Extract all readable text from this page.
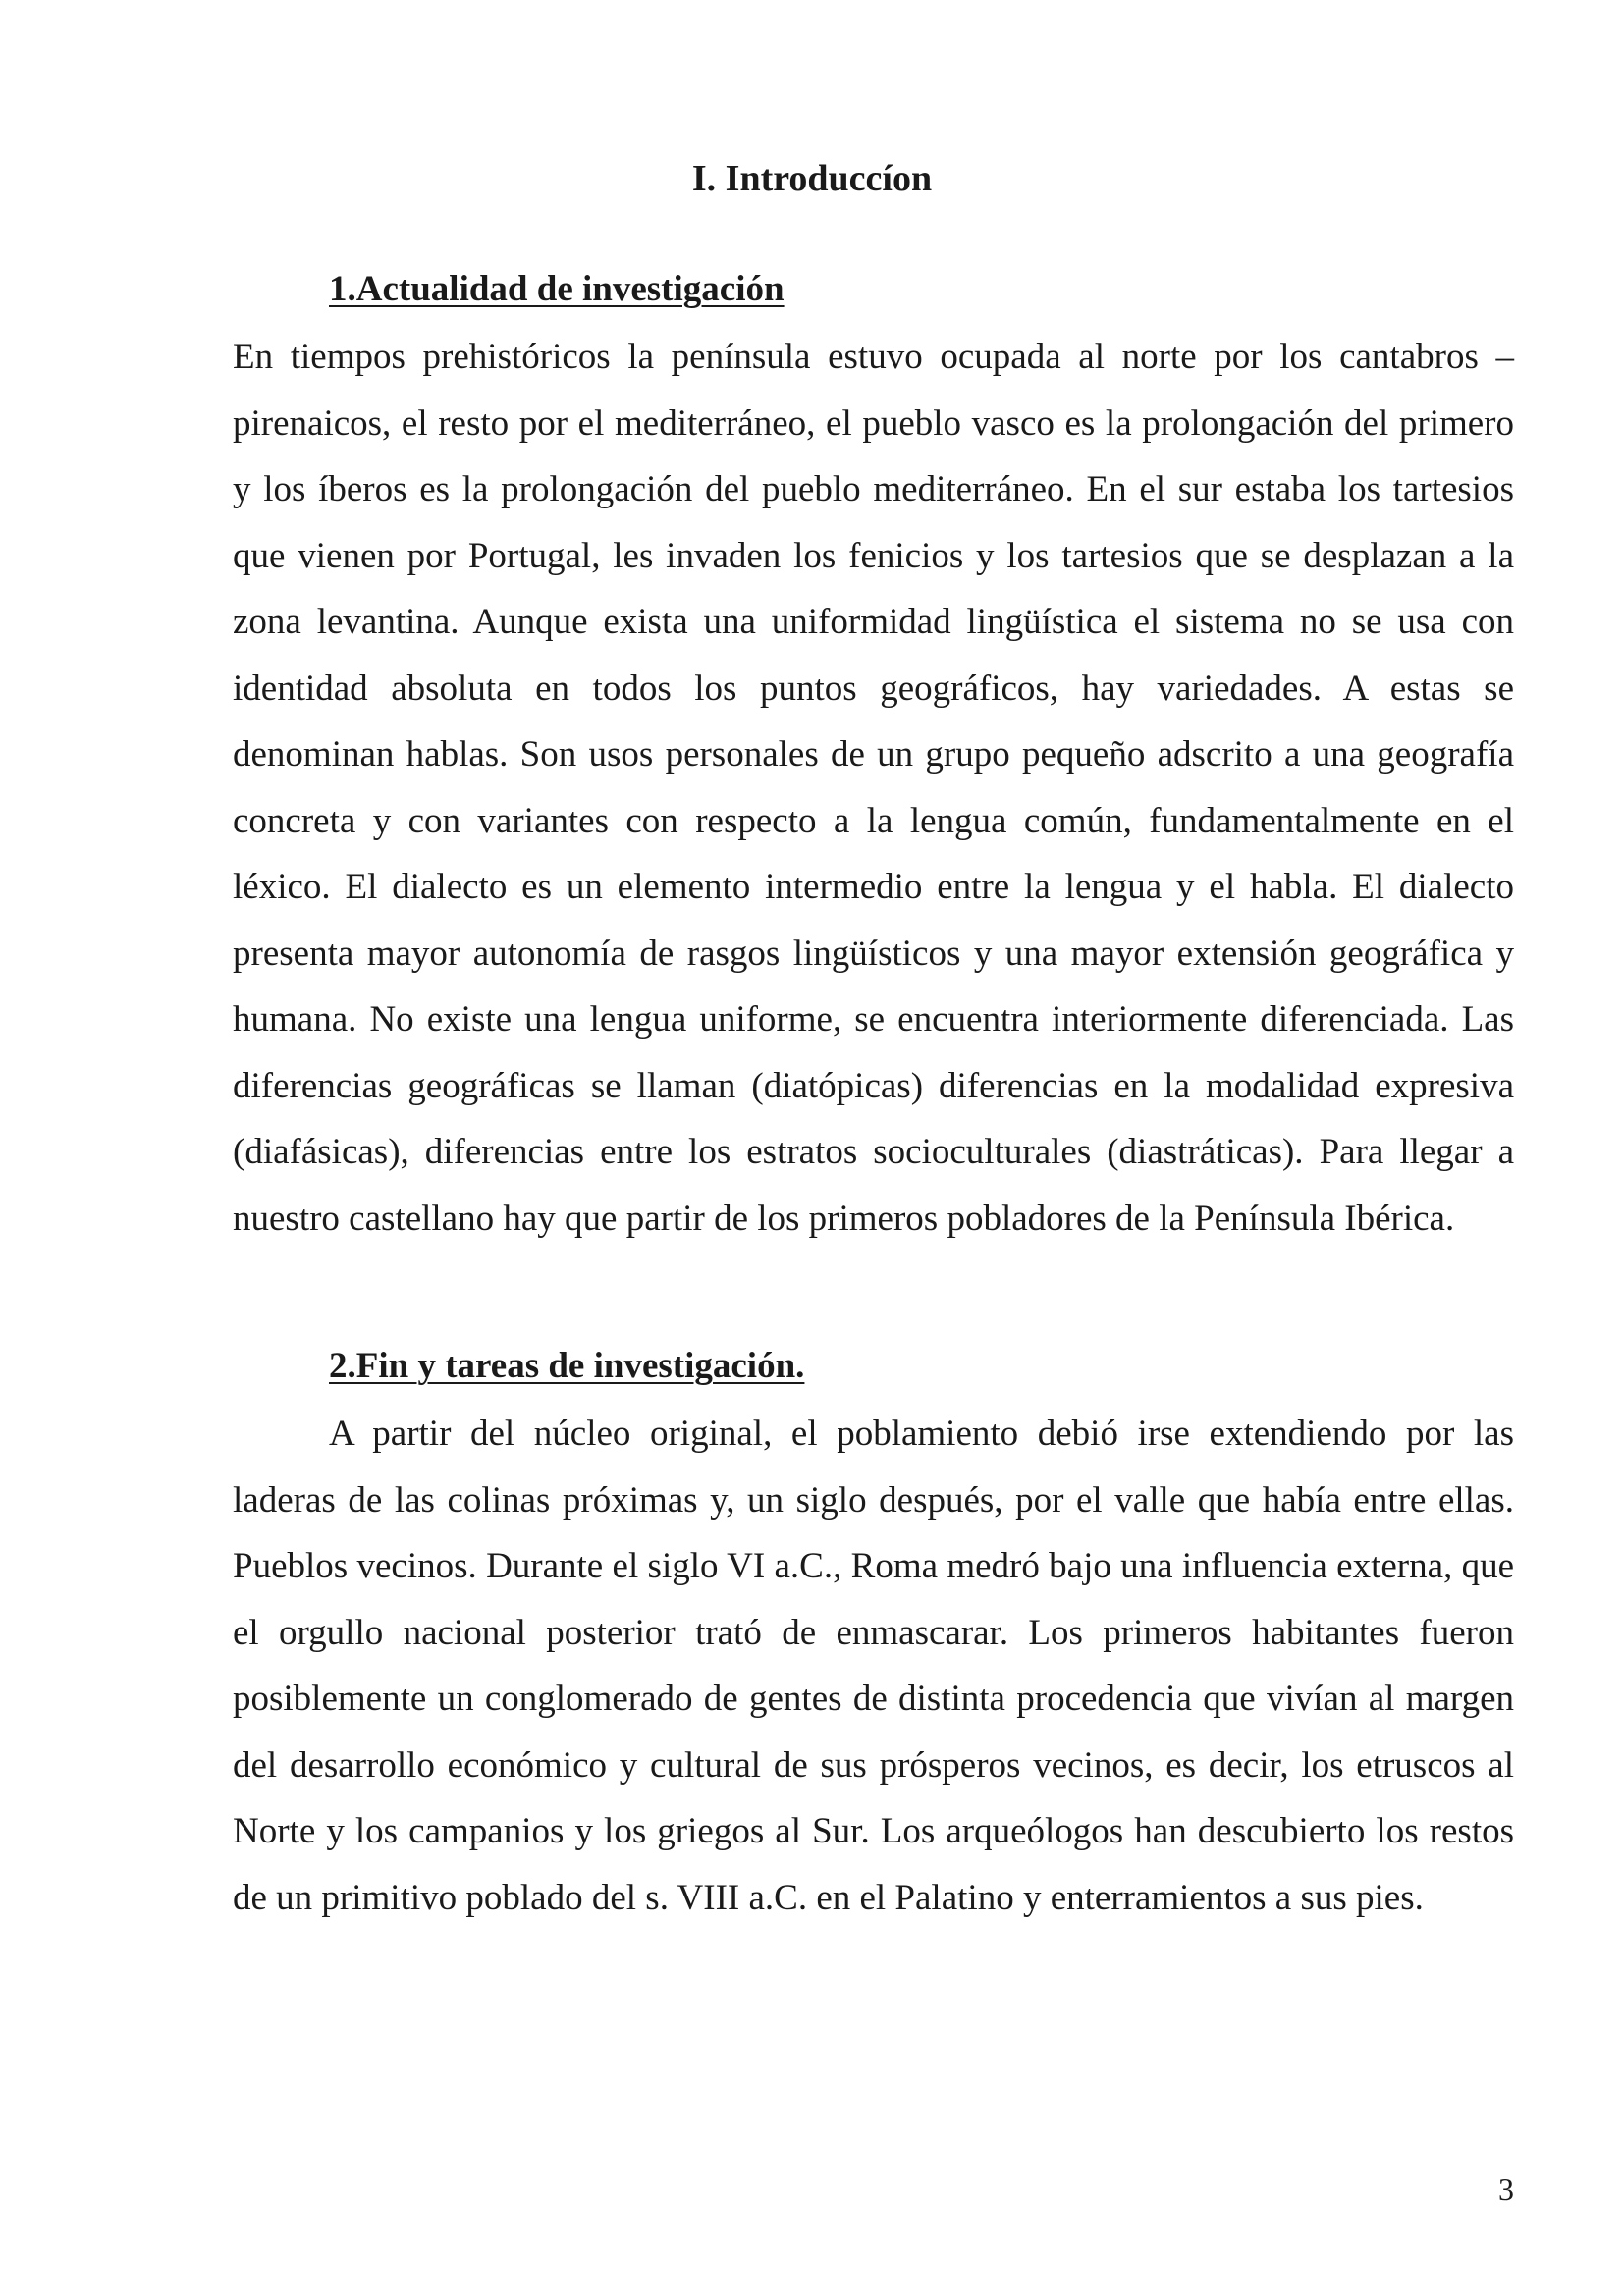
I. Introduccíon
1.Actualidad de investigación

En tiempos prehistóricos la península estuvo ocupada al norte por los cantabros – pirenaicos, el resto por el mediterráneo, el pueblo vasco es la prolongación del primero y los íberos es la prolongación del pueblo mediterráneo. En el sur estaba los tartesios que vienen por Portugal, les invaden los fenicios y los tartesios que se desplazan a la zona levantina. Aunque exista una uniformidad lingüística el sistema no se usa con identidad absoluta en todos los puntos geográficos, hay variedades. A estas se denominan hablas. Son usos personales de un grupo pequeño adscrito a una geografía concreta y con variantes con respecto a la lengua común, fundamentalmente en el léxico. El dialecto es un elemento intermedio entre la lengua y el habla. El dialecto presenta mayor autonomía de rasgos lingüísticos y una mayor extensión geográfica y humana. No existe una lengua uniforme, se encuentra interiormente diferenciada. Las diferencias geográficas se llaman (diatópicas) diferencias en la modalidad expresiva (diafásicas), diferencias entre los estratos socioculturales (diastráticas). Para llegar a nuestro castellano hay que partir de los primeros pobladores de la Península Ibérica.

2.Fin y tareas de investigación.

A partir del núcleo original, el poblamiento debió irse extendiendo por las laderas de las colinas próximas y, un siglo después, por el valle que había entre ellas. Pueblos vecinos. Durante el siglo VI a.C., Roma medró bajo una influencia externa, que el orgullo nacional posterior trató de enmascarar. Los primeros habitantes fueron posiblemente un conglomerado de gentes de distinta procedencia que vivían al margen del desarrollo económico y cultural de sus prósperos vecinos, es decir, los etruscos al Norte y los campanios y los griegos al Sur. Los arqueólogos han descubierto los restos de un primitivo poblado del s. VIII a.C. en el Palatino y enterramientos a sus pies.

3
